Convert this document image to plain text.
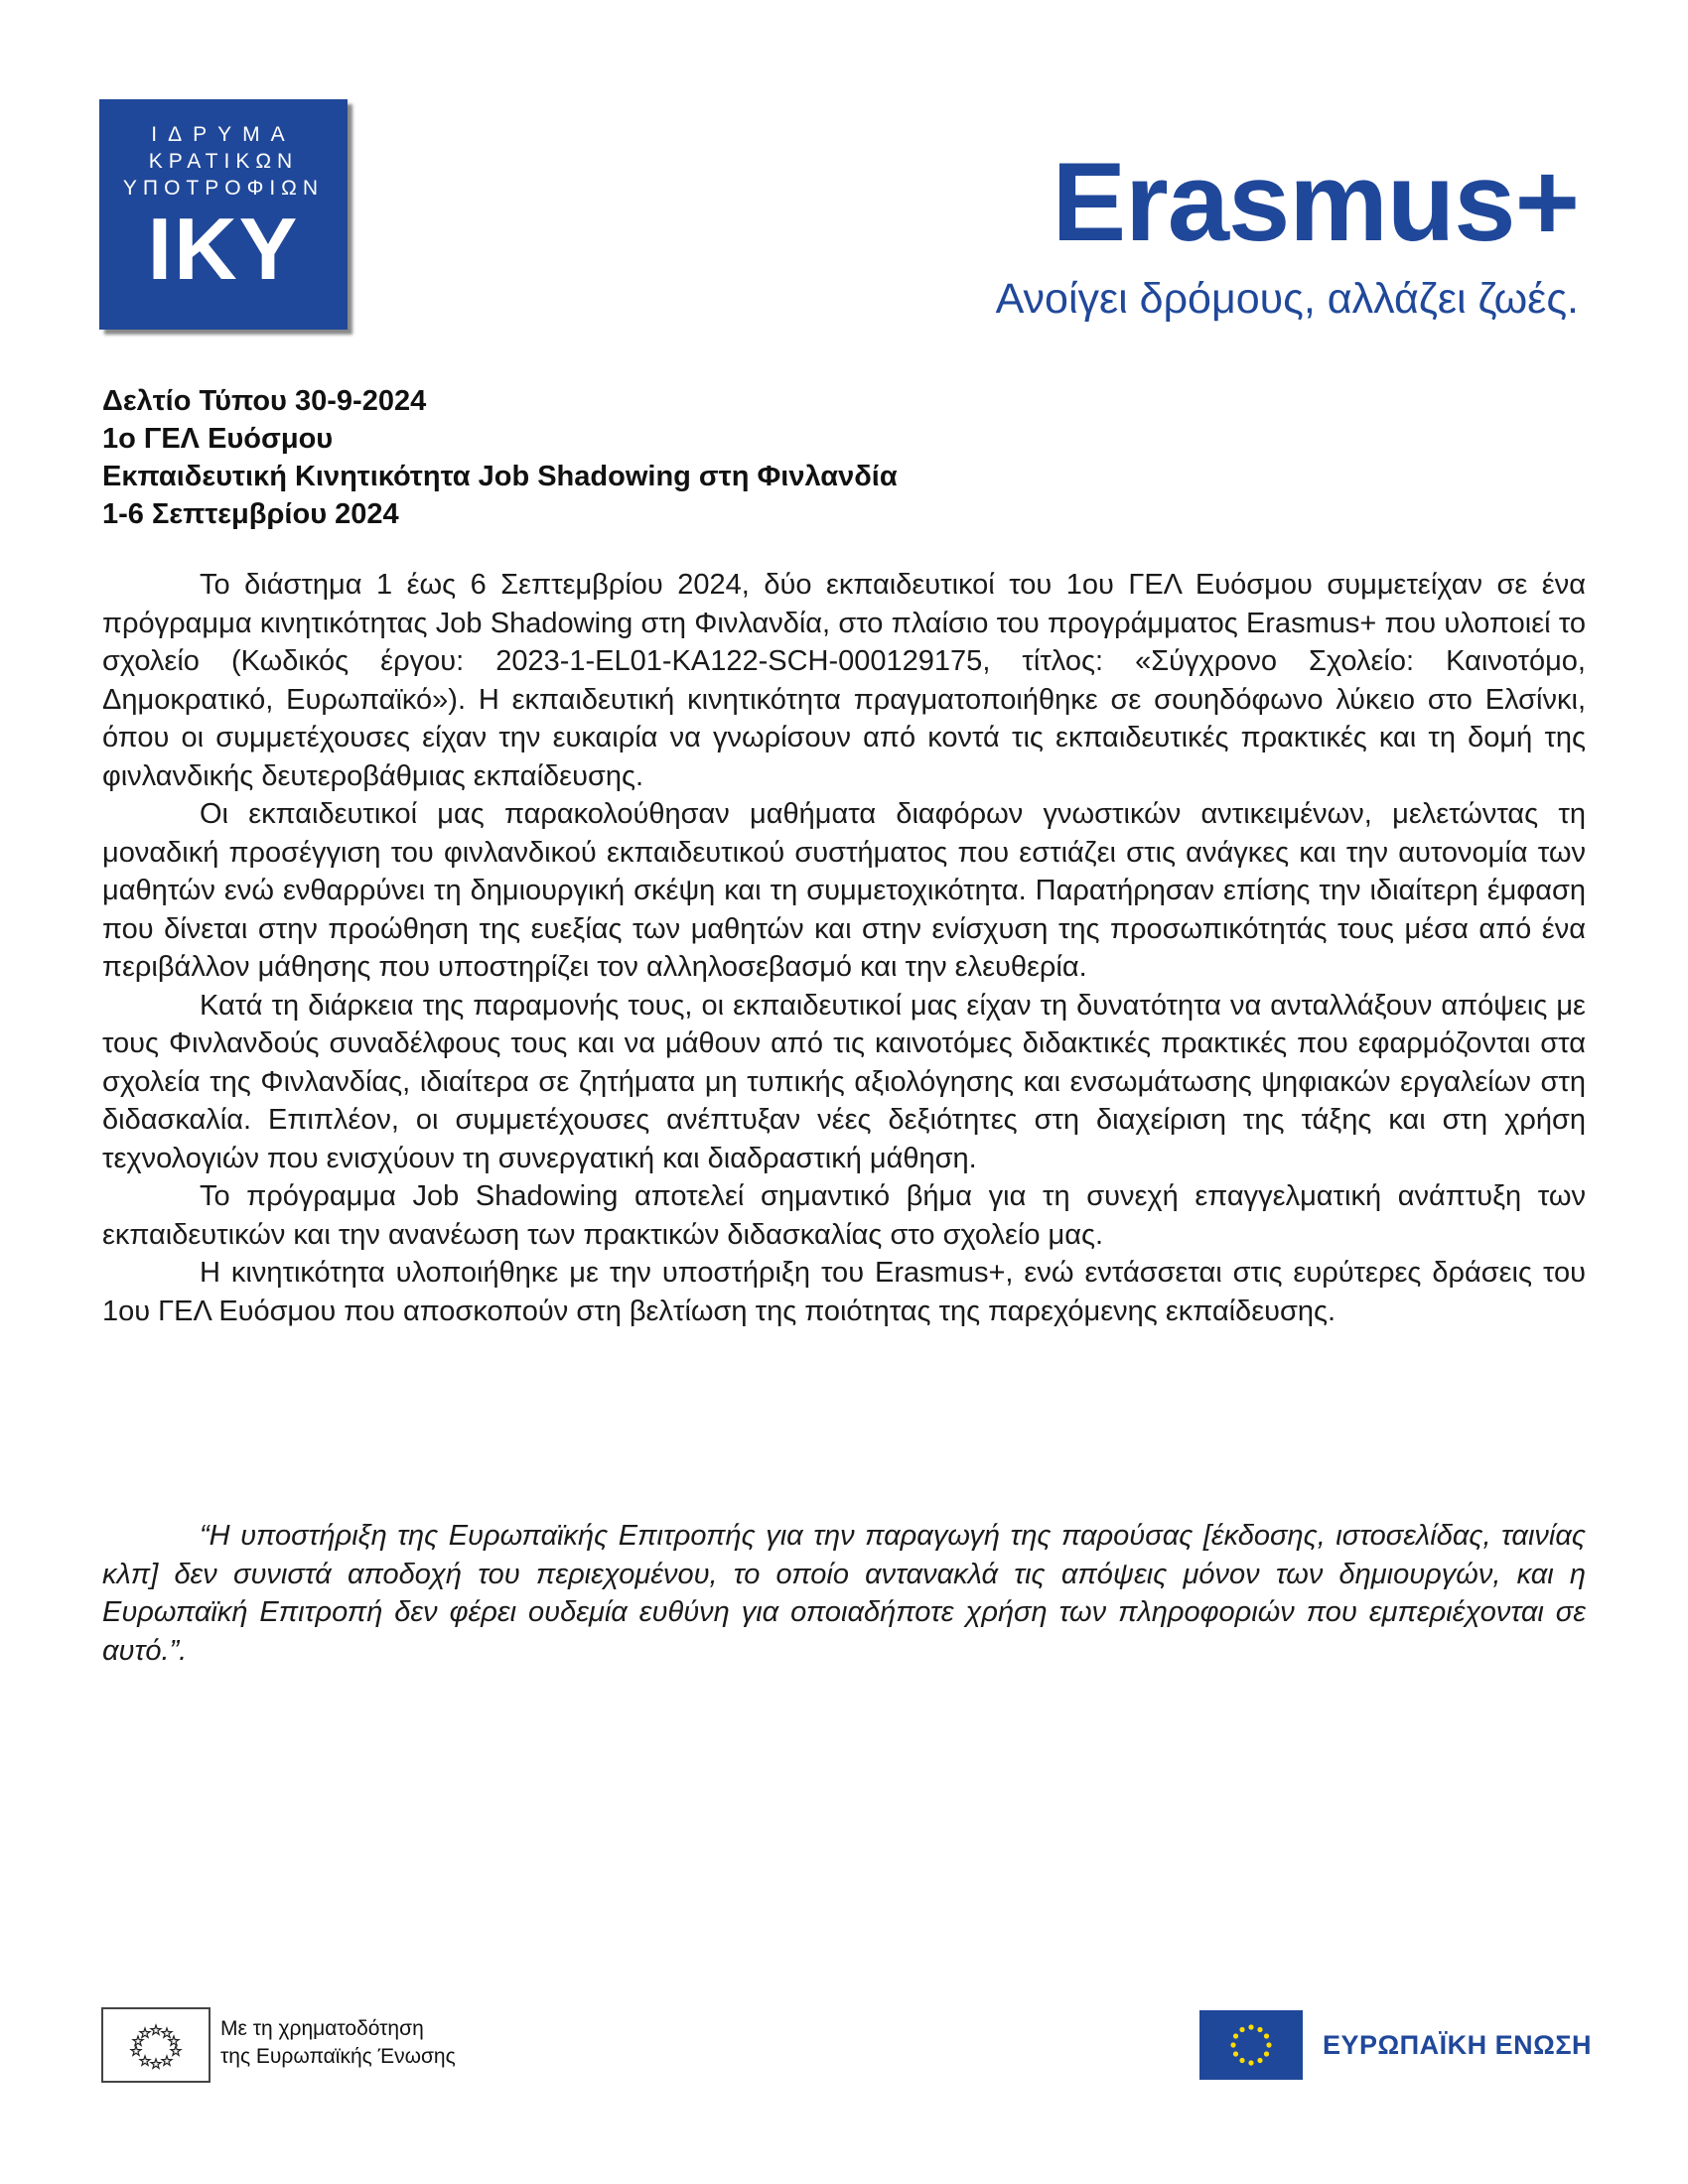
ΙΔΡΥΜΑ
ΚΡΑΤΙΚΩΝ
ΥΠΟΤΡΟΦΙΩΝ
ΙΚΥ	Erasmus+
Ανοίγει δρόμους, αλλάζει ζωές.
Δελτίο Τύπου 30-9-2024
1ο ΓΕΛ Ευόσμου
Εκπαιδευτική Κινητικότητα Job Shadowing στη Φινλανδία
1-6 Σεπτεμβρίου 2024

Το διάστημα 1 έως 6 Σεπτεμβρίου 2024, δύο εκπαιδευτικοί του 1ου ΓΕΛ Ευόσμου συμμετείχαν σε ένα πρόγραμμα κινητικότητας Job Shadowing στη Φινλανδία, στο πλαίσιο του προγράμματος Erasmus+ που υλοποιεί το σχολείο (Κωδικός έργου: 2023-1-EL01-KA122-SCH-000129175, τίτλος: «Σύγχρονο Σχολείο: Καινοτόμο, Δημοκρατικό, Ευρωπαϊκό»). Η εκπαιδευτική κινητικότητα πραγματοποιήθηκε σε σουηδόφωνο λύκειο στο Ελσίνκι, όπου οι συμμετέχουσες είχαν την ευκαιρία να γνωρίσουν από κοντά τις εκπαιδευτικές πρακτικές και τη δομή της φινλανδικής δευτεροβάθμιας εκπαίδευσης.

Οι εκπαιδευτικοί μας παρακολούθησαν μαθήματα διαφόρων γνωστικών αντικειμένων, μελετώντας τη μοναδική προσέγγιση του φινλανδικού εκπαιδευτικού συστήματος που εστιάζει στις ανάγκες και την αυτονομία των μαθητών ενώ ενθαρρύνει τη δημιουργική σκέψη και τη συμμετοχικότητα. Παρατήρησαν επίσης την ιδιαίτερη έμφαση που δίνεται στην προώθηση της ευεξίας των μαθητών και στην ενίσχυση της προσωπικότητάς τους μέσα από ένα περιβάλλον μάθησης που υποστηρίζει τον αλληλοσεβασμό και την ελευθερία.

Κατά τη διάρκεια της παραμονής τους, οι εκπαιδευτικοί μας είχαν τη δυνατότητα να ανταλλάξουν απόψεις με τους Φινλανδούς συναδέλφους τους και να μάθουν από τις καινοτόμες διδακτικές πρακτικές που εφαρμόζονται στα σχολεία της Φινλανδίας, ιδιαίτερα σε ζητήματα μη τυπικής αξιολόγησης και ενσωμάτωσης ψηφιακών εργαλείων στη διδασκαλία. Επιπλέον, οι συμμετέχουσες ανέπτυξαν νέες δεξιότητες στη διαχείριση της τάξης και στη χρήση τεχνολογιών που ενισχύουν τη συνεργατική και διαδραστική μάθηση.

Το πρόγραμμα Job Shadowing αποτελεί σημαντικό βήμα για τη συνεχή επαγγελματική ανάπτυξη των εκπαιδευτικών και την ανανέωση των πρακτικών διδασκαλίας στο σχολείο μας.

Η κινητικότητα υλοποιήθηκε με την υποστήριξη του Erasmus+, ενώ εντάσσεται στις ευρύτερες δράσεις του 1ου ΓΕΛ Ευόσμου που αποσκοπούν στη βελτίωση της ποιότητας της παρεχόμενης εκπαίδευσης.

“Η υποστήριξη της Ευρωπαϊκής Επιτροπής για την παραγωγή της παρούσας [έκδοσης, ιστοσελίδας, ταινίας κλπ] δεν συνιστά αποδοχή του περιεχομένου, το οποίο αντανακλά τις απόψεις μόνον των δημιουργών, και η Ευρωπαϊκή Επιτροπή δεν φέρει ουδεμία ευθύνη για οποιαδήποτε χρήση των πληροφοριών που εμπεριέχονται σε αυτό.”.
Με τη χρηματοδότηση
της Ευρωπαϊκής Ένωσης	ΕΥΡΩΠΑΪΚΗ ΕΝΩΣΗ
